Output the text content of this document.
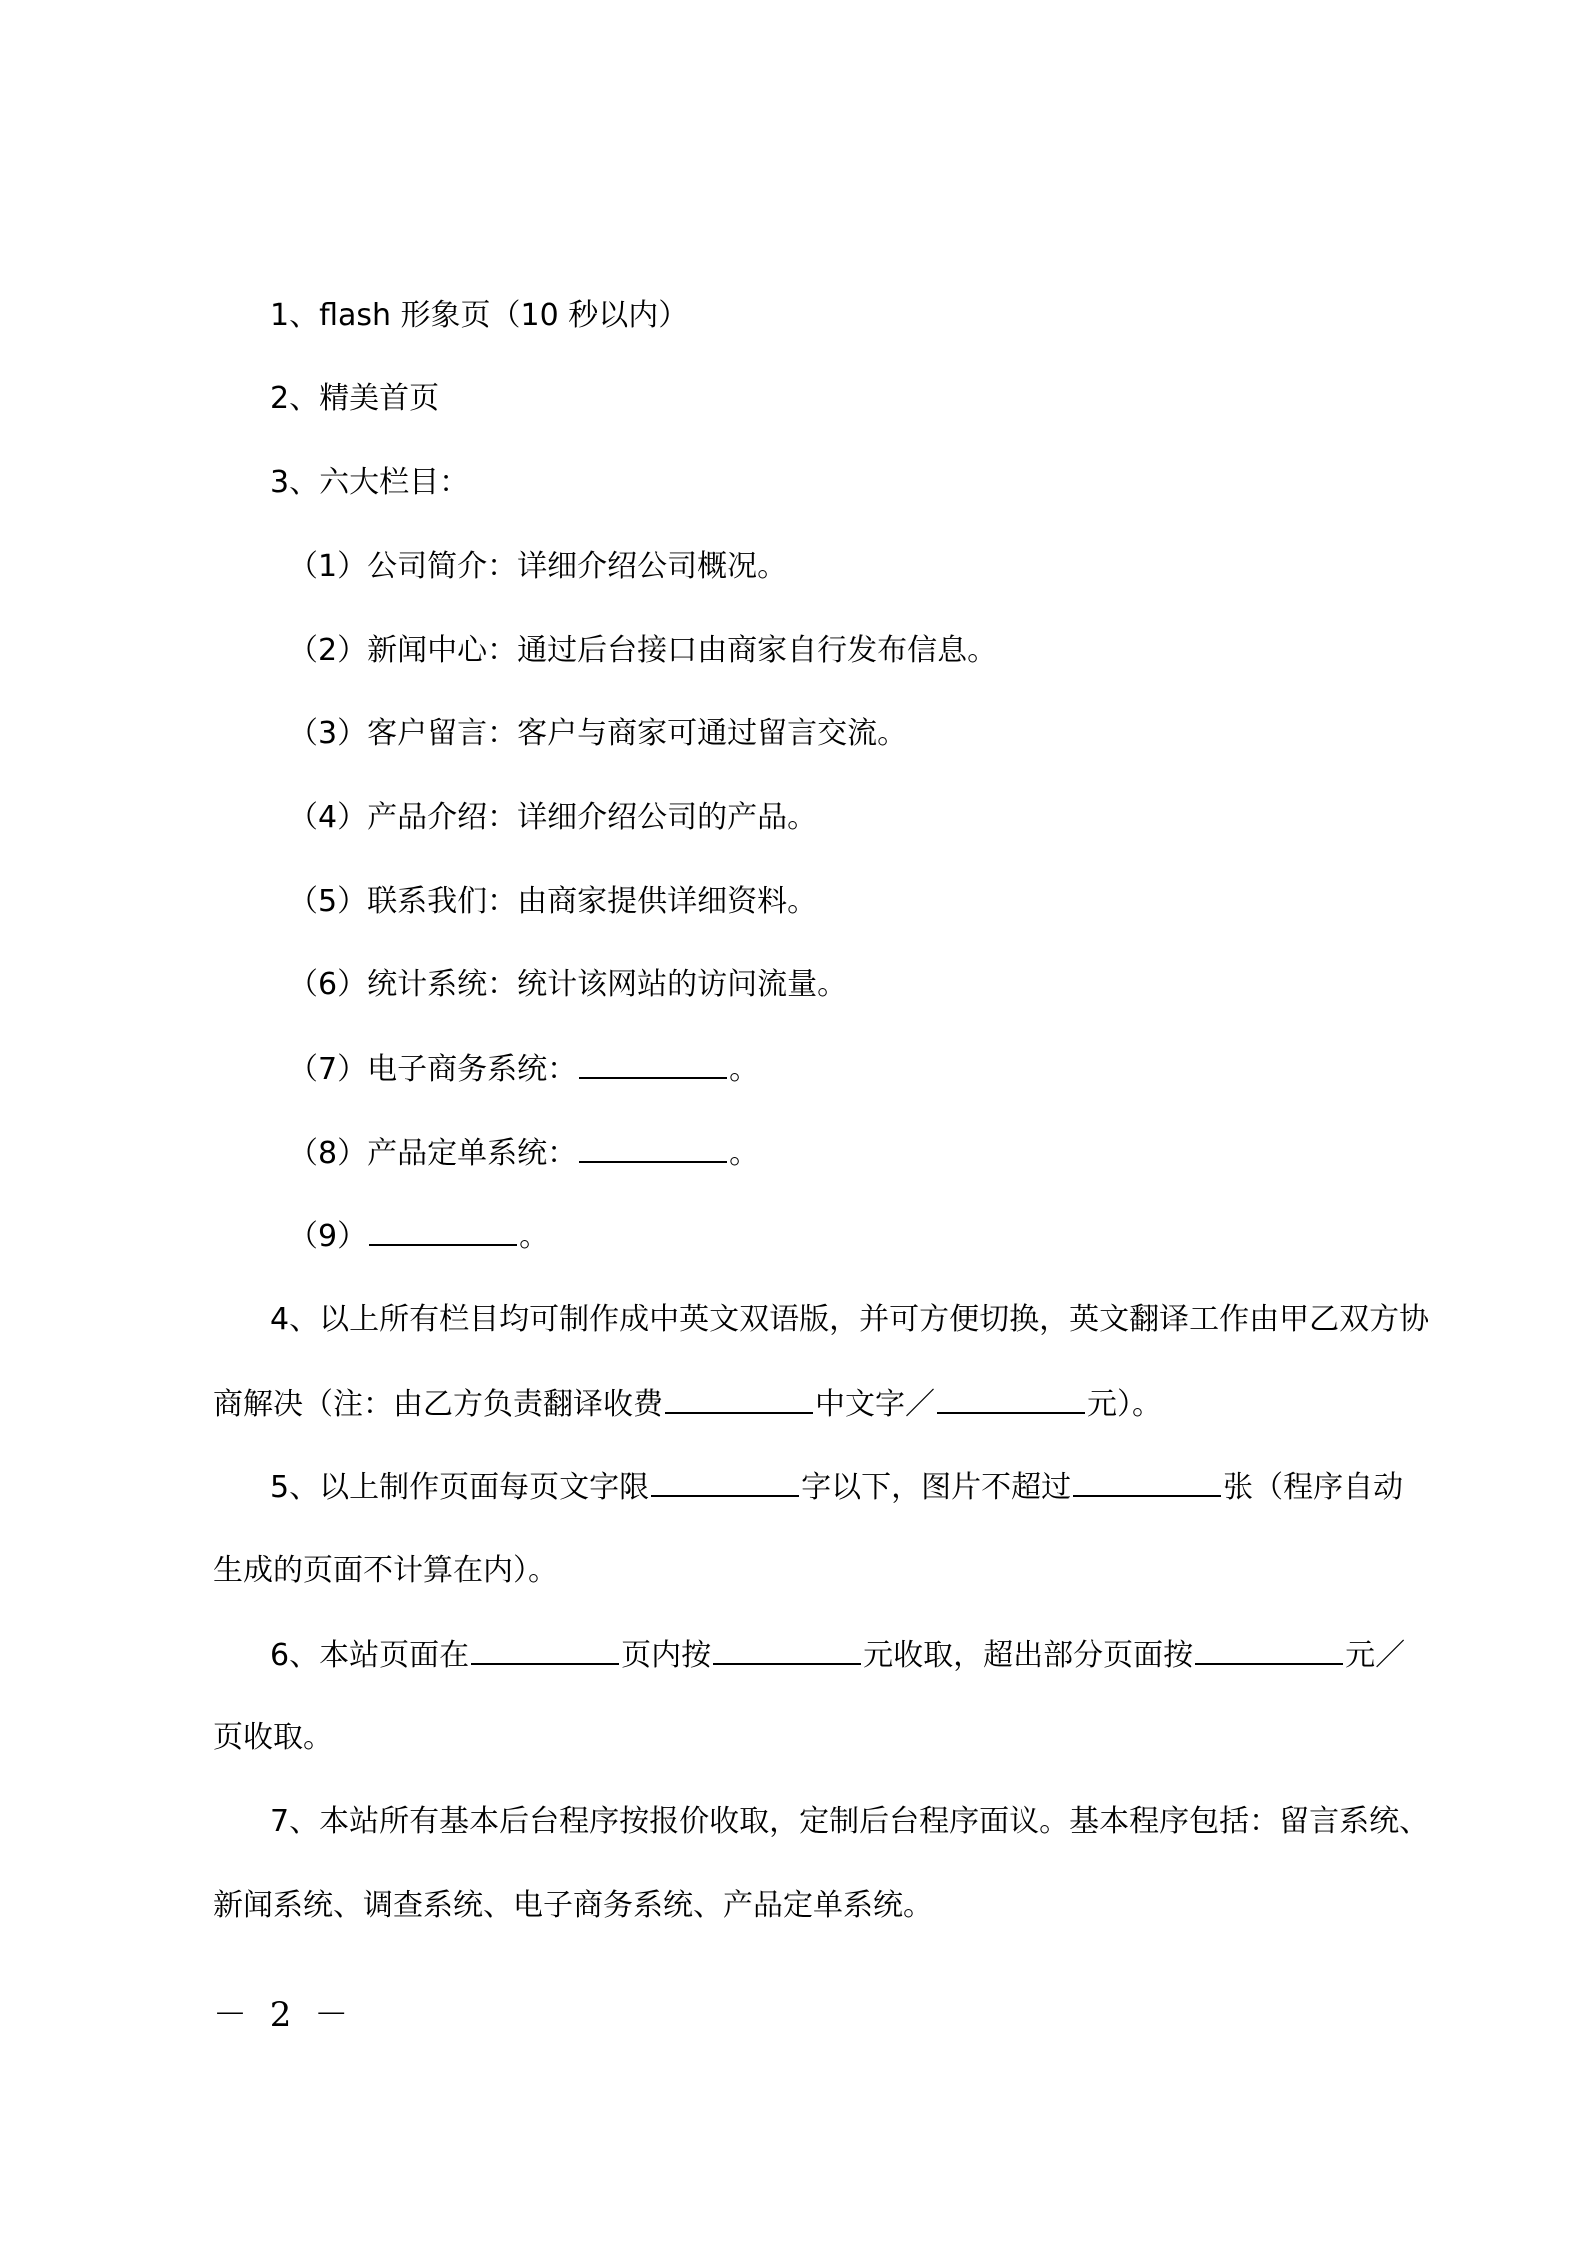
1、flash 形象页（10 秒以内）
2、精美首页
3、六大栏目：
（1）公司简介：详细介绍公司概况。
（2）新闻中心：通过后台接口由商家自行发布信息。
（3）客户留言：客户与商家可通过留言交流。
（4）产品介绍：详细介绍公司的产品。
（5）联系我们：由商家提供详细资料。
（6）统计系统：统计该网站的访问流量。
（7）电子商务系统：	。
（8）产品定单系统：	。
（9）	。
4、以上所有栏目均可制作成中英文双语版，并可方便切换，英文翻译工作由甲乙双方协
商解决（注：由乙方负责翻译收费	中文字／	元）。
5、以上制作页面每页文字限	字以下，图片不超过	张（程序自动
生成的页面不计算在内）。
6、本站页面在	页内按	元收取，超出部分页面按	元／
页收取。
7、本站所有基本后台程序按报价收取，定制后台程序面议。基本程序包括：留言系统、
新闻系统、调查系统、电子商务系统、产品定单系统。
－ 2 －
